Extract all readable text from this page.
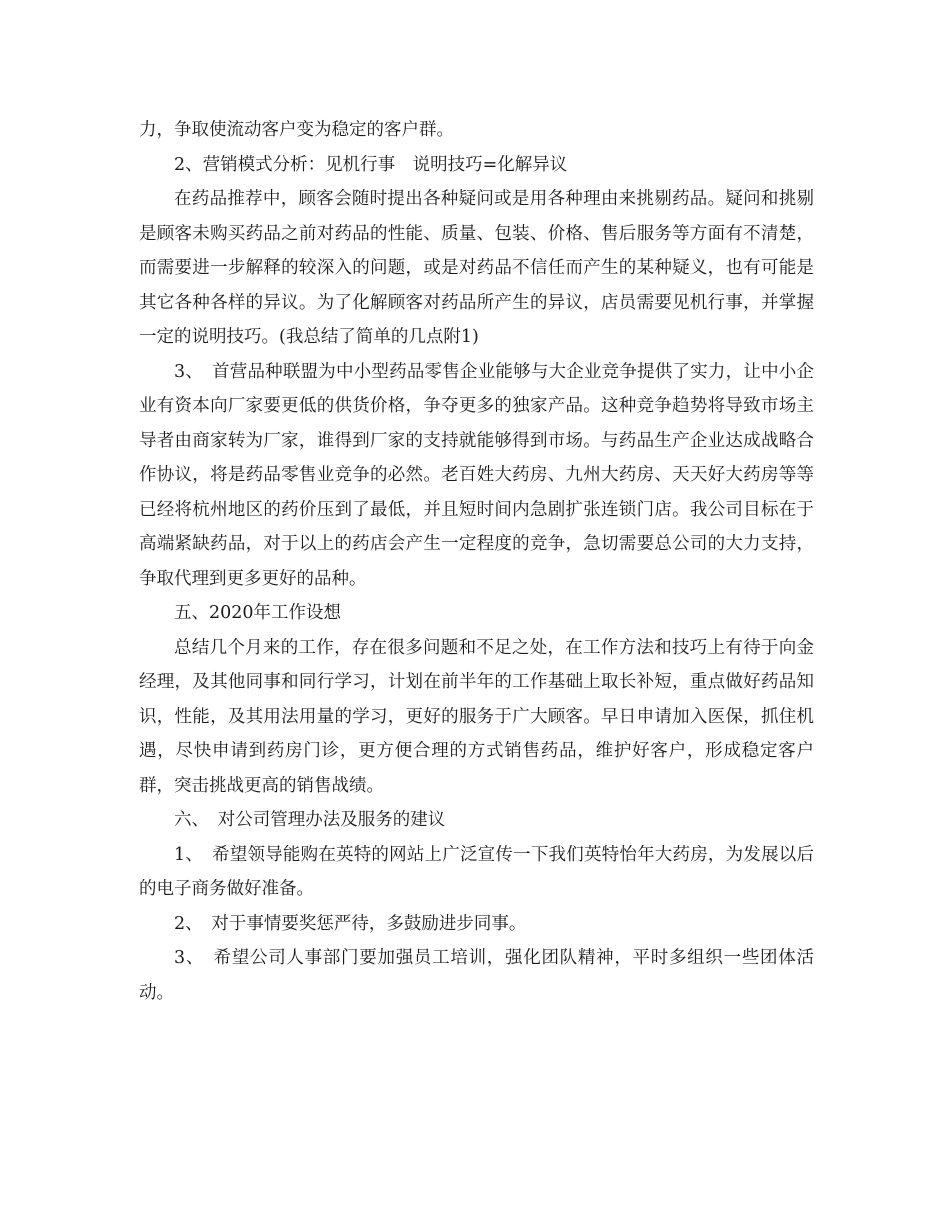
力，争取使流动客户变为稳定的客户群。

2、营销模式分析：见机行事　说明技巧=化解异议

在药品推荐中，顾客会随时提出各种疑问或是用各种理由来挑剔药品。疑问和挑剔是顾客未购买药品之前对药品的性能、质量、包装、价格、售后服务等方面有不清楚，而需要进一步解释的较深入的问题，或是对药品不信任而产生的某种疑义，也有可能是其它各种各样的异议。为了化解顾客对药品所产生的异议，店员需要见机行事，并掌握一定的说明技巧。(我总结了简单的几点附1)

3、　首营品种联盟为中小型药品零售企业能够与大企业竞争提供了实力，让中小企业有资本向厂家要更低的供货价格，争夺更多的独家产品。这种竞争趋势将导致市场主导者由商家转为厂家，谁得到厂家的支持就能够得到市场。与药品生产企业达成战略合作协议，将是药品零售业竞争的必然。老百姓大药房、九州大药房、天天好大药房等等已经将杭州地区的药价压到了最低，并且短时间内急剧扩张连锁门店。我公司目标在于高端紧缺药品，对于以上的药店会产生一定程度的竞争，急切需要总公司的大力支持，争取代理到更多更好的品种。

五、2020年工作设想

总结几个月来的工作，存在很多问题和不足之处，在工作方法和技巧上有待于向金经理，及其他同事和同行学习，计划在前半年的工作基础上取长补短，重点做好药品知识，性能，及其用法用量的学习，更好的服务于广大顾客。早日申请加入医保，抓住机遇，尽快申请到药房门诊，更方便合理的方式销售药品，维护好客户，形成稳定客户群，突击挑战更高的销售战绩。

六、　对公司管理办法及服务的建议

1、　希望领导能购在英特的网站上广泛宣传一下我们英特怡年大药房，为发展以后的电子商务做好准备。

2、　对于事情要奖惩严待，多鼓励进步同事。

3、　希望公司人事部门要加强员工培训，强化团队精神，平时多组织一些团体活动。
